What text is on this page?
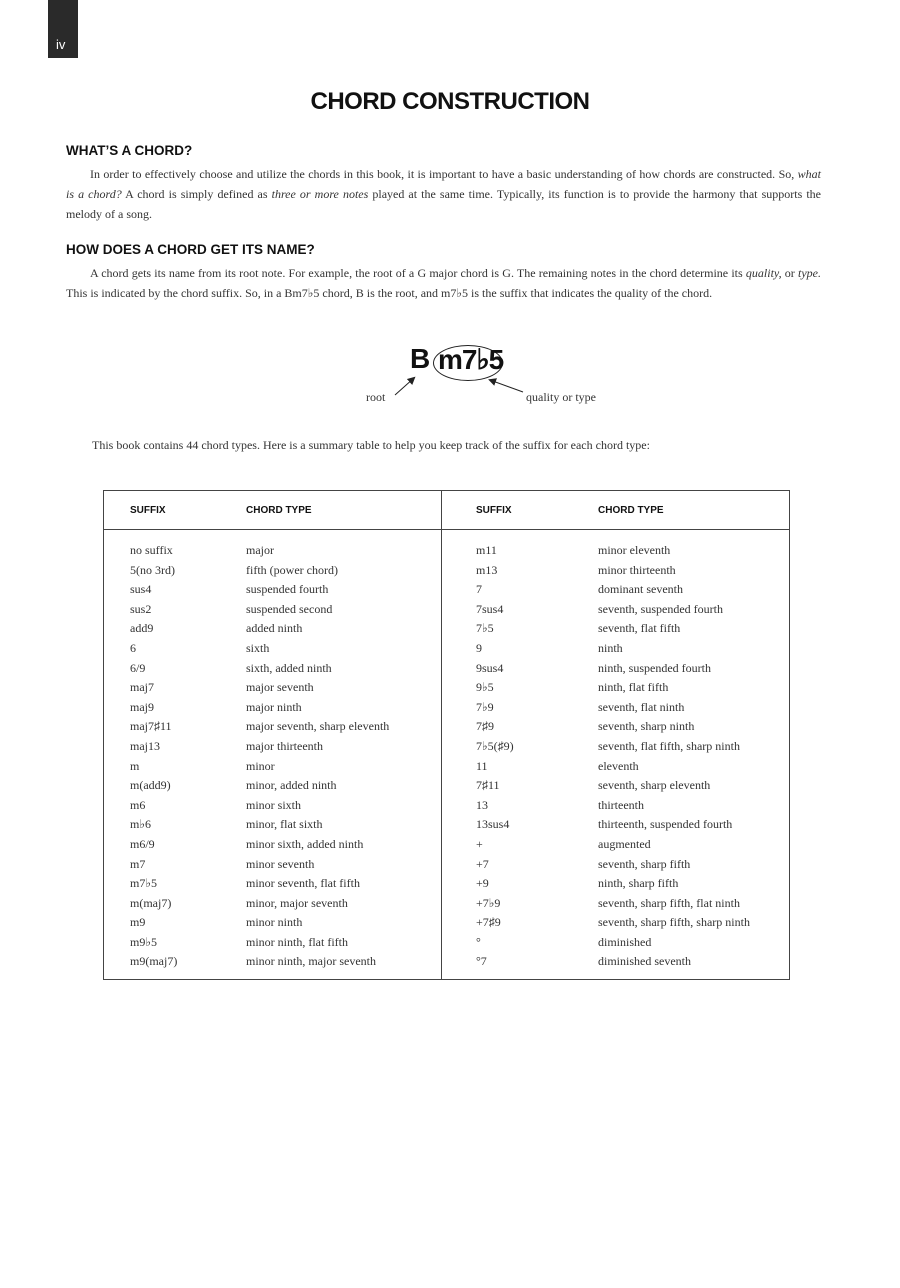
iv
CHORD CONSTRUCTION
WHAT’S A CHORD?

In order to effectively choose and utilize the chords in this book, it is important to have a basic understanding of how chords are constructed. So, what is a chord? A chord is simply defined as three or more notes played at the same time. Typically, its function is to provide the harmony that supports the melody of a song.

HOW DOES A CHORD GET ITS NAME?

A chord gets its name from its root note. For example, the root of a G major chord is G. The remaining notes in the chord determine its quality, or type. This is indicated by the chord suffix. So, in a Bm7♭5 chord, B is the root, and m7♭5 is the suffix that indicates the quality of the chord.

B m7♭5
root	quality or type

This book contains 44 chord types. Here is a summary table to help you keep track of the suffix for each chord type:

SUFFIX
no suffix
5(no 3rd)
sus4
sus2
add9
6
6/9
maj7
maj9
maj7♯11
maj13
m
m(add9)
m6
m♭6
m6/9
m7
m7♭5
m(maj7)
m9
m9♭5
m9(maj7)
CHORD TYPE
major
fifth (power chord)
suspended fourth
suspended second
added ninth
sixth
sixth, added ninth
major seventh
major ninth
major seventh, sharp eleventh
major thirteenth
minor
minor, added ninth
minor sixth
minor, flat sixth
minor sixth, added ninth
minor seventh
minor seventh, flat fifth
minor, major seventh
minor ninth
minor ninth, flat fifth
minor ninth, major seventh
SUFFIX
m11
m13
7
7sus4
7♭5
9
9sus4
9♭5
7♭9
7♯9
7♭5(♯9)
11
7♯11
13
13sus4
+
+7
+9
+7♭9
+7♯9
°
°7
CHORD TYPE
minor eleventh
minor thirteenth
dominant seventh
seventh, suspended fourth
seventh, flat fifth
ninth
ninth, suspended fourth
ninth, flat fifth
seventh, flat ninth
seventh, sharp ninth
seventh, flat fifth, sharp ninth
eleventh
seventh, sharp eleventh
thirteenth
thirteenth, suspended fourth
augmented
seventh, sharp fifth
ninth, sharp fifth
seventh, sharp fifth, flat ninth
seventh, sharp fifth, sharp ninth
diminished
diminished seventh
